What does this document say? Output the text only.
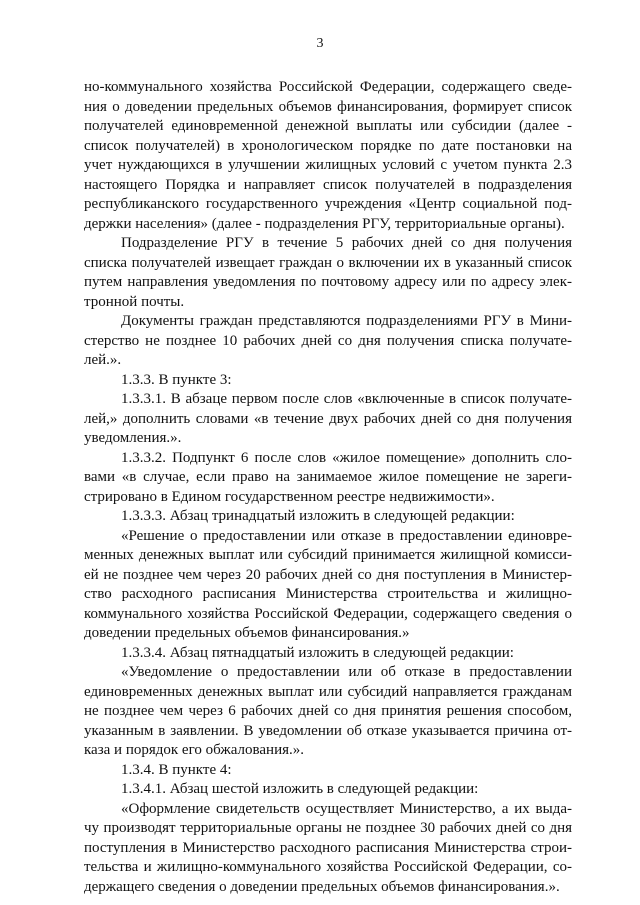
3
но-коммунального хозяйства Российской Федерации, содержащего сведе-
ния о доведении предельных объемов финансирования, формирует список
получателей единовременной денежной выплаты или субсидии (далее -
список получателей) в хронологическом порядке по дате постановки на
учет нуждающихся в улучшении жилищных условий с учетом пункта 2.3
настоящего Порядка и направляет список получателей в подразделения
республиканского государственного учреждения «Центр социальной под-
держки населения» (далее - подразделения РГУ, территориальные органы).
Подразделение РГУ в течение 5 рабочих дней со дня получения
списка получателей извещает граждан о включении их в указанный список
путем направления уведомления по почтовому адресу или по адресу элек-
тронной почты.
Документы граждан представляются подразделениями РГУ в Мини-
стерство не позднее 10 рабочих дней со дня получения списка получате-
лей.».
1.3.3. В пункте 3:
1.3.3.1. В абзаце первом после слов «включенные в список получате-
лей,» дополнить словами «в течение двух рабочих дней со дня получения
уведомления.».
1.3.3.2. Подпункт 6 после слов «жилое помещение» дополнить сло-
вами «в случае, если право на занимаемое жилое помещение не зареги-
стрировано в Едином государственном реестре недвижимости».
1.3.3.3. Абзац тринадцатый изложить в следующей редакции:
«Решение о предоставлении или отказе в предоставлении единовре-
менных денежных выплат или субсидий принимается жилищной комисси-
ей не позднее чем через 20 рабочих дней со дня поступления в Министер-
ство расходного расписания Министерства строительства и жилищно-
коммунального хозяйства Российской Федерации, содержащего сведения о
доведении предельных объемов финансирования.»
1.3.3.4. Абзац пятнадцатый изложить в следующей редакции:
«Уведомление о предоставлении или об отказе в предоставлении
единовременных денежных выплат или субсидий направляется гражданам
не позднее чем через 6 рабочих дней со дня принятия решения способом,
указанным в заявлении. В уведомлении об отказе указывается причина от-
каза и порядок его обжалования.».
1.3.4. В пункте 4:
1.3.4.1. Абзац шестой изложить в следующей редакции:
«Оформление свидетельств осуществляет Министерство, а их выда-
чу производят территориальные органы не позднее 30 рабочих дней со дня
поступления в Министерство расходного расписания Министерства строи-
тельства и жилищно-коммунального хозяйства Российской Федерации, со-
держащего сведения о доведении предельных объемов финансирования.».
